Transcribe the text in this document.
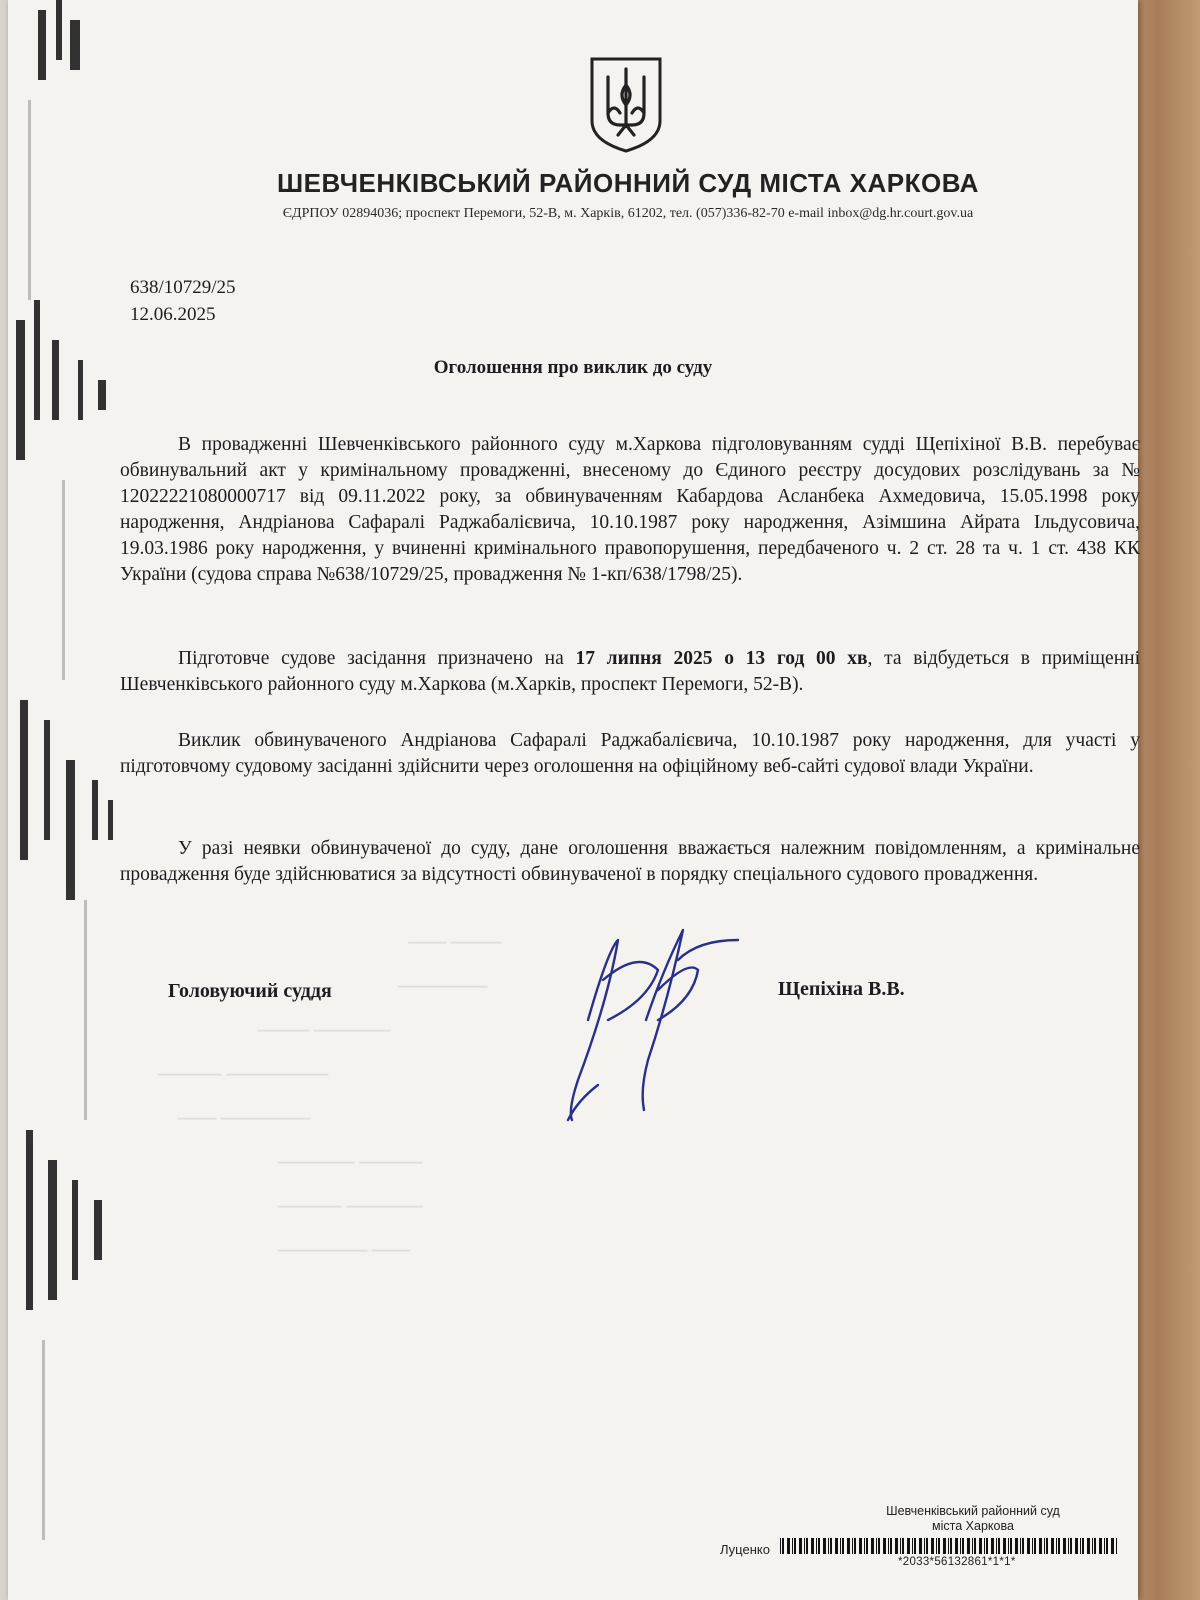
ШЕВЧЕНКІВСЬКИЙ РАЙОННИЙ СУД МІСТА ХАРКОВА
ЄДРПОУ 02894036; проспект Перемоги, 52-В, м. Харків, 61202, тел. (057)336-82-70 e-mail inbox@dg.hr.court.gov.ua
638/10729/25
12.06.2025
Оголошення про виклик до суду

В провадженні Шевченківського районного суду м.Харкова підголовуванням судді Щепіхіної В.В. перебуває обвинувальний акт у кримінальному провадженні, внесеному до Єдиного реєстру досудових розслідувань за № 12022221080000717 від 09.11.2022 року, за обвинуваченням Кабардова Асланбека Ахмедовича, 15.05.1998 року народження, Андріанова Сафаралі Раджабалієвича, 10.10.1987 року народження, Азімшина Айрата Ільдусовича, 19.03.1986 року народження, у вчиненні кримінального правопорушення, передбаченого ч. 2 ст. 28 та ч. 1 ст. 438 КК України (судова справа №638/10729/25, провадження № 1-кп/638/1798/25).

Підготовче судове засідання призначено на 17 липня 2025 о 13 год 00 хв, та відбудеться в приміщенні Шевченківського районного суду м.Харкова (м.Харків, проспект Перемоги, 52-В).

Виклик обвинуваченого Андріанова Сафаралі Раджабалієвича, 10.10.1987 року народження, для участі у підготовчому судовому засіданні здійснити через оголошення на офіційному веб-сайті судової влади України.

У разі неявки обвинуваченої до суду, дане оголошення вважається належним повідомленням, а кримінальне провадження буде здійснюватися за відсутності обвинуваченої в порядку спеціального судового провадження.

─── ────
───────
──── ──────
───── ────────
─── ───────
────── ─────
───── ──────
─────── ───
Головуючий суддя	Щепіхіна В.В.
Шевченківський районний суд
міста Харкова
Луценко
*2033*56132861*1*1*
